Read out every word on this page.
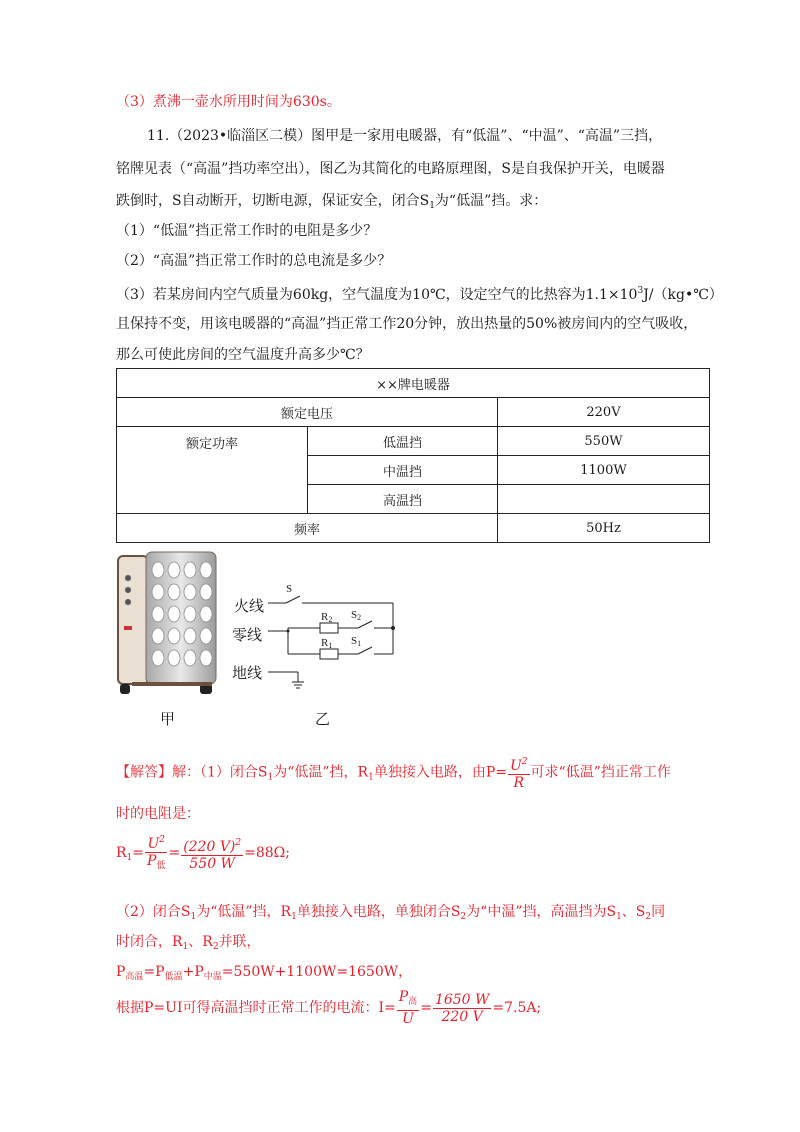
（3）煮沸一壶水所用时间为630s。
11.（2023•临淄区二模）图甲是一家用电暖器，有“低温”、“中温”、“高温”三挡，
铭牌见表（“高温”挡功率空出），图乙为其简化的电路原理图，S是自我保护开关，电暖器
跌倒时，S自动断开，切断电源，保证安全，闭合$S_1$为“低温”挡。求：
（1）“低温”挡正常工作时的电阻是多少？
（2）“高温”挡正常工作时的总电流是多少？
（3）若某房间内空气质量为60kg，空气温度为10℃，设定空气的比热容为$1.1\times 10^3J/(kg•℃)$
且保持不变，用该电暖器的“高温”挡正常工作20分钟，放出热量的50%被房间内的空气吸收，
那么可使此房间的空气温度升高多少℃？
××牌电暖器		
额定电压		220V
额定功率	低温挡	550W
	中温挡	1100W
	高温挡	
频率		50Hz
S
R2 S2
R1 S1
火线
零线
地线
甲	乙
【解答】解：（1）闭合$S_1$为“低温”挡，$R_1$单独接入电路，由$P= \frac{U^2}{R}$ 可求“低温”挡正常工作
时的电阻是：
$R_1= \frac{U^2}{P_低} = \frac{(220 V)^2}{550 W} =88\Omega$;
（2）闭合$S_1$为“低温”挡，$R_1$单独接入电路，单独闭合$S_2$为“中温”挡，高温挡为$S_1$、$S_2$同
时闭合，$R_1$、$R_2$并联，
$P_{高温}=P_{低温}+P_{中温}=550W+1100W=1650W$，
根据P=UI可得高温挡时正常工作的电流：$I= \frac{P_高}{U} = \frac{1650 W}{220 V} =7.5A$;
